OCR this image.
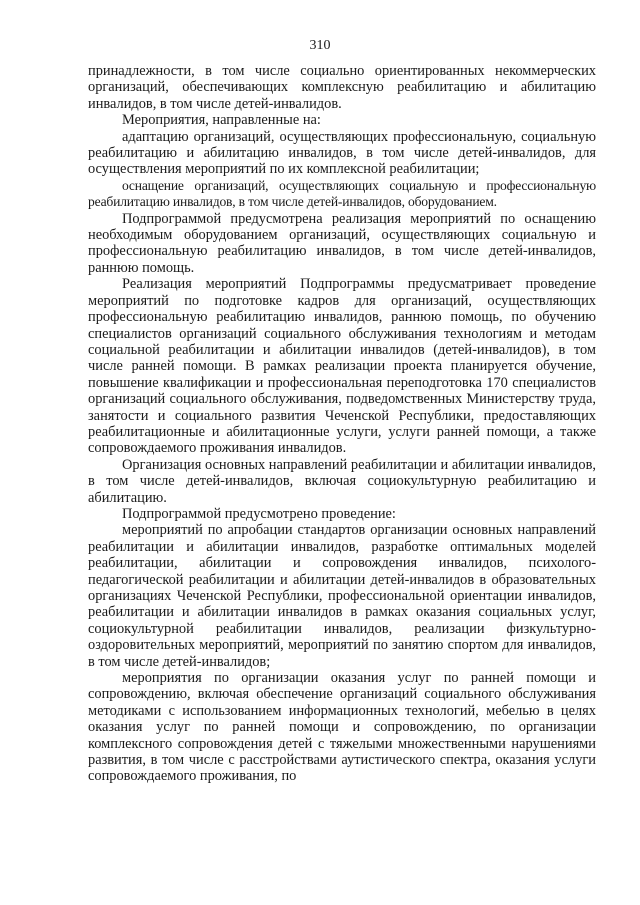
310

принадлежности, в том числе социально ориентированных некоммерческих организаций, обеспечивающих комплексную реабилитацию и абилитацию инвалидов, в том числе детей-инвалидов.

Мероприятия, направленные на:

адаптацию организаций, осуществляющих профессиональную, социальную реабилитацию и абилитацию инвалидов, в том числе детей-инвалидов, для осуществления мероприятий по их комплексной реабилитации;

оснащение организаций, осуществляющих социальную и профессиональную реабилитацию инвалидов, в том числе детей-инвалидов, оборудованием.

Подпрограммой предусмотрена реализация мероприятий по оснащению необходимым оборудованием организаций, осуществляющих социальную и профессиональную реабилитацию инвалидов, в том числе детей-инвалидов, раннюю помощь.

Реализация мероприятий Подпрограммы предусматривает проведение мероприятий по подготовке кадров для организаций, осуществляющих профессиональную реабилитацию инвалидов, раннюю помощь, по обучению специалистов организаций социального обслуживания технологиям и методам социальной реабилитации и абилитации инвалидов (детей-инвалидов), в том числе ранней помощи. В рамках реализации проекта планируется обучение, повышение квалификации и профессиональная переподготовка 170 специалистов организаций социального обслуживания, подведомственных Министерству труда, занятости и социального развития Чеченской Республики, предоставляющих реабилитационные и абилитационные услуги, услуги ранней помощи, а также сопровождаемого проживания инвалидов.

Организация основных направлений реабилитации и абилитации инвалидов, в том числе детей-инвалидов, включая социокультурную реабилитацию и абилитацию.

Подпрограммой предусмотрено проведение:

мероприятий по апробации стандартов организации основных направлений реабилитации и абилитации инвалидов, разработке оптимальных моделей реабилитации, абилитации и сопровождения инвалидов, психолого-педагогической реабилитации и абилитации детей-инвалидов в образовательных организациях Чеченской Республики, профессиональной ориентации инвалидов, реабилитации и абилитации инвалидов в рамках оказания социальных услуг, социокультурной реабилитации инвалидов, реализации физкультурно-оздоровительных мероприятий, мероприятий по занятию спортом для инвалидов, в том числе детей-инвалидов;

мероприятия по организации оказания услуг по ранней помощи и сопровождению, включая обеспечение организаций социального обслуживания методиками с использованием информационных технологий, мебелью в целях оказания услуг по ранней помощи и сопровождению, по организации комплексного сопровождения детей с тяжелыми множественными нарушениями развития, в том числе с расстройствами аутистического спектра, оказания услуги сопровождаемого проживания, по
